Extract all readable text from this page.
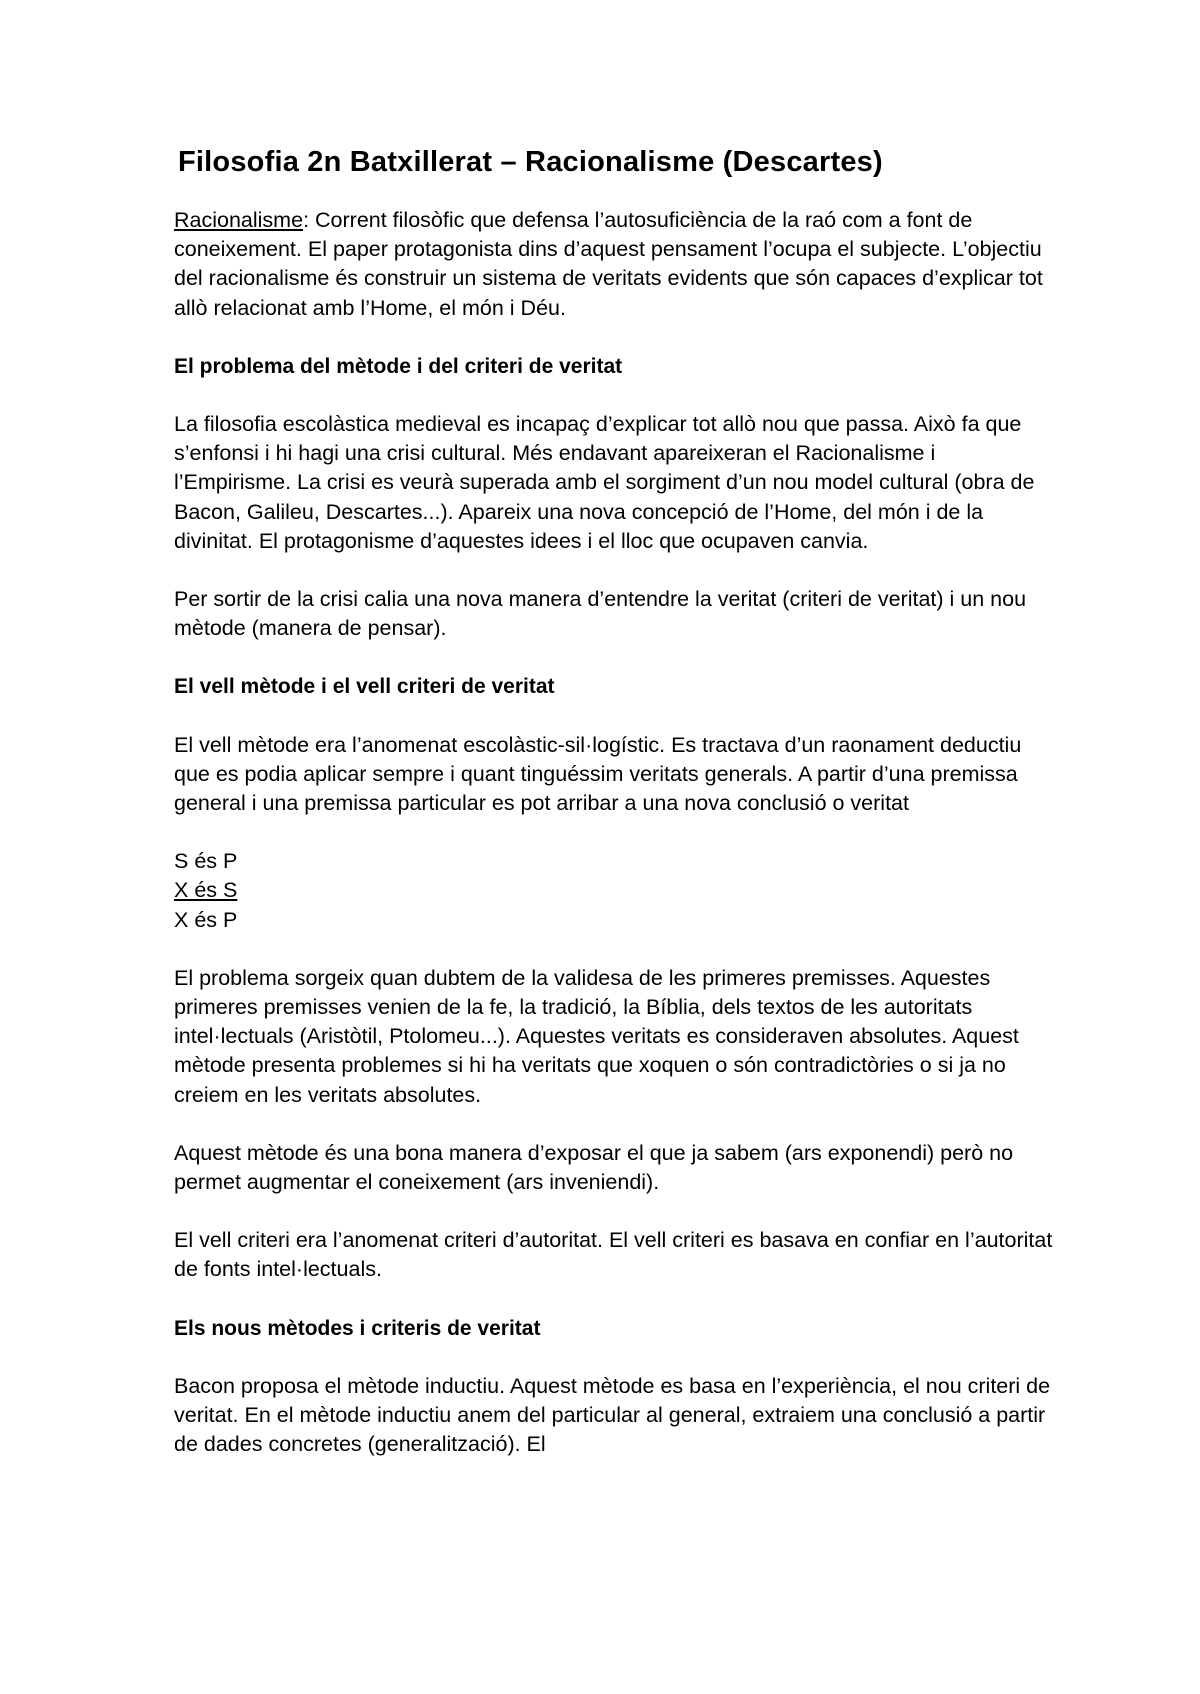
Filosofia 2n Batxillerat – Racionalisme (Descartes)

Racionalisme: Corrent filosòfic que defensa l’autosuficiència de la raó com a font de coneixement. El paper protagonista dins d’aquest pensament l’ocupa el subjecte. L’objectiu del racionalisme és construir un sistema de veritats evidents que són capaces d’explicar tot allò relacionat amb l’Home, el món i Déu.

El problema del mètode i del criteri de veritat

La filosofia escolàstica medieval es incapaç d’explicar tot allò nou que passa. Això fa que s’enfonsi i hi hagi una crisi cultural. Més endavant apareixeran el Racionalisme i l’Empirisme. La crisi es veurà superada amb el sorgiment d’un nou model cultural (obra de Bacon, Galileu, Descartes...). Apareix una nova concepció de l’Home, del món i de la divinitat. El protagonisme d’aquestes idees i el lloc que ocupaven canvia.

Per sortir de la crisi calia una nova manera d’entendre la veritat (criteri de veritat) i un nou mètode (manera de pensar).

El vell mètode i el vell criteri de veritat

El vell mètode era l’anomenat escolàstic-sil·logístic. Es tractava d’un raonament deductiu que es podia aplicar sempre i quant tinguéssim veritats generals. A partir d’una premissa general i una premissa particular es pot arribar a una nova conclusió o veritat

S és P

X és S

X és P

El problema sorgeix quan dubtem de la validesa de les primeres premisses. Aquestes primeres premisses venien de la fe, la tradició, la Bíblia, dels textos de les autoritats intel·lectuals (Aristòtil, Ptolomeu...). Aquestes veritats es consideraven absolutes. Aquest mètode presenta problemes si hi ha veritats que xoquen o són contradictòries o si ja no creiem en les veritats absolutes.

Aquest mètode és una bona manera d’exposar el que ja sabem (ars exponendi) però no permet augmentar el coneixement (ars inveniendi).

El vell criteri era l’anomenat criteri d’autoritat. El vell criteri es basava en confiar en l’autoritat de fonts intel·lectuals.

Els nous mètodes i criteris de veritat

Bacon proposa el mètode inductiu. Aquest mètode es basa en l’experiència, el nou criteri de veritat. En el mètode inductiu anem del particular al general, extraiem una conclusió a partir de dades concretes (generalització). El
